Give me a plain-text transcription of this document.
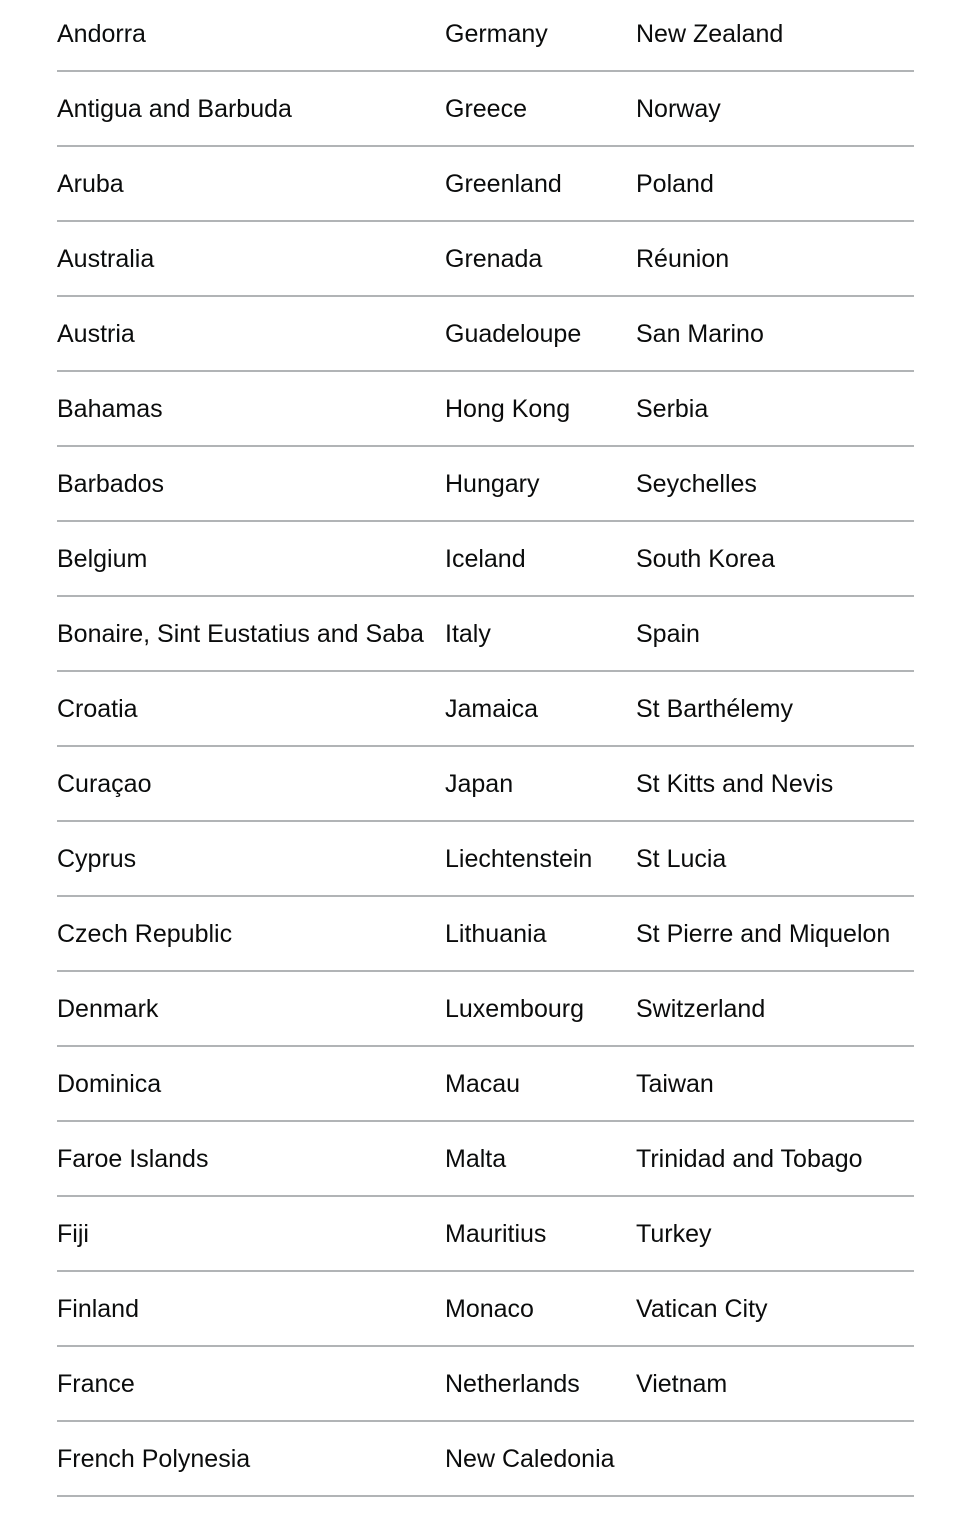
Andorra	Germany	New Zealand
Antigua and Barbuda	Greece	Norway
Aruba	Greenland	Poland
Australia	Grenada	Réunion
Austria	Guadeloupe	San Marino
Bahamas	Hong Kong	Serbia
Barbados	Hungary	Seychelles
Belgium	Iceland	South Korea
Bonaire, Sint Eustatius and Saba	Italy	Spain
Croatia	Jamaica	St Barthélemy
Curaçao	Japan	St Kitts and Nevis
Cyprus	Liechtenstein	St Lucia
Czech Republic	Lithuania	St Pierre and Miquelon
Denmark	Luxembourg	Switzerland
Dominica	Macau	Taiwan
Faroe Islands	Malta	Trinidad and Tobago
Fiji	Mauritius	Turkey
Finland	Monaco	Vatican City
France	Netherlands	Vietnam
French Polynesia	New Caledonia	
